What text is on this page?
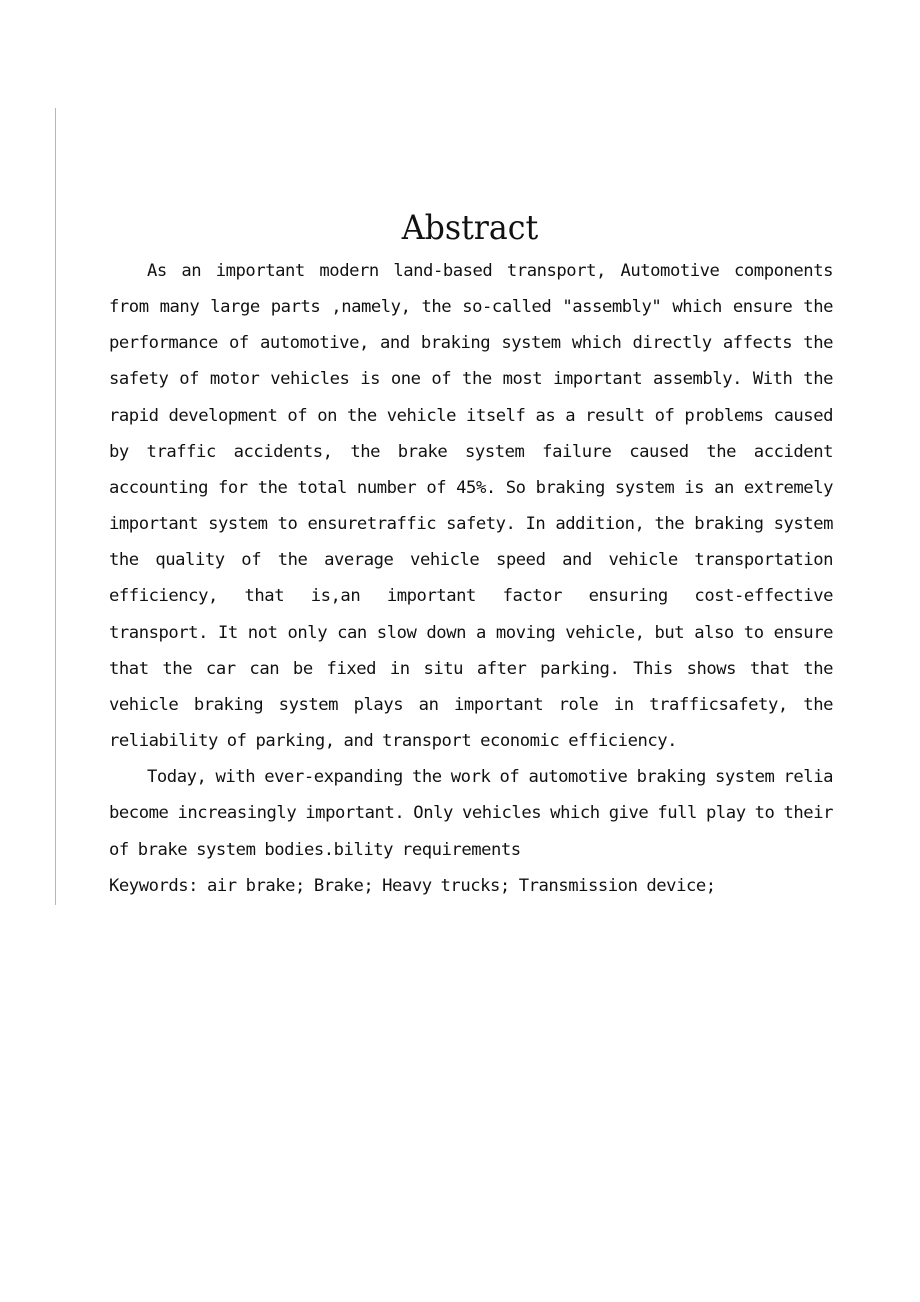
Abstract

As an important modern land-based transport, Automotive components from many large parts ,namely, the so-called "assembly" which ensure the performance of automotive, and braking system which directly affects the safety of motor vehicles is one of the most important assembly. With the rapid development of on the vehicle itself as a result of problems caused by traffic accidents, the brake system failure caused the accident accounting for the total number of 45%. So braking system is an extremely important system to ensuretraffic safety. In addition, the braking system the quality of the average vehicle speed and vehicle transportation efficiency, that is,an important factor ensuring cost-effective transport. It not only can slow down a moving vehicle, but also to ensure that the car can be fixed in situ after parking. This shows that the vehicle braking system plays an important role in trafficsafety, the reliability of parking, and transport economic efficiency.

Today, with ever-expanding the work of automotive braking system relia become increasingly important. Only vehicles which give full play to their of brake system bodies.bility requirements

Keywords: air brake; Brake; Heavy trucks; Transmission device;
